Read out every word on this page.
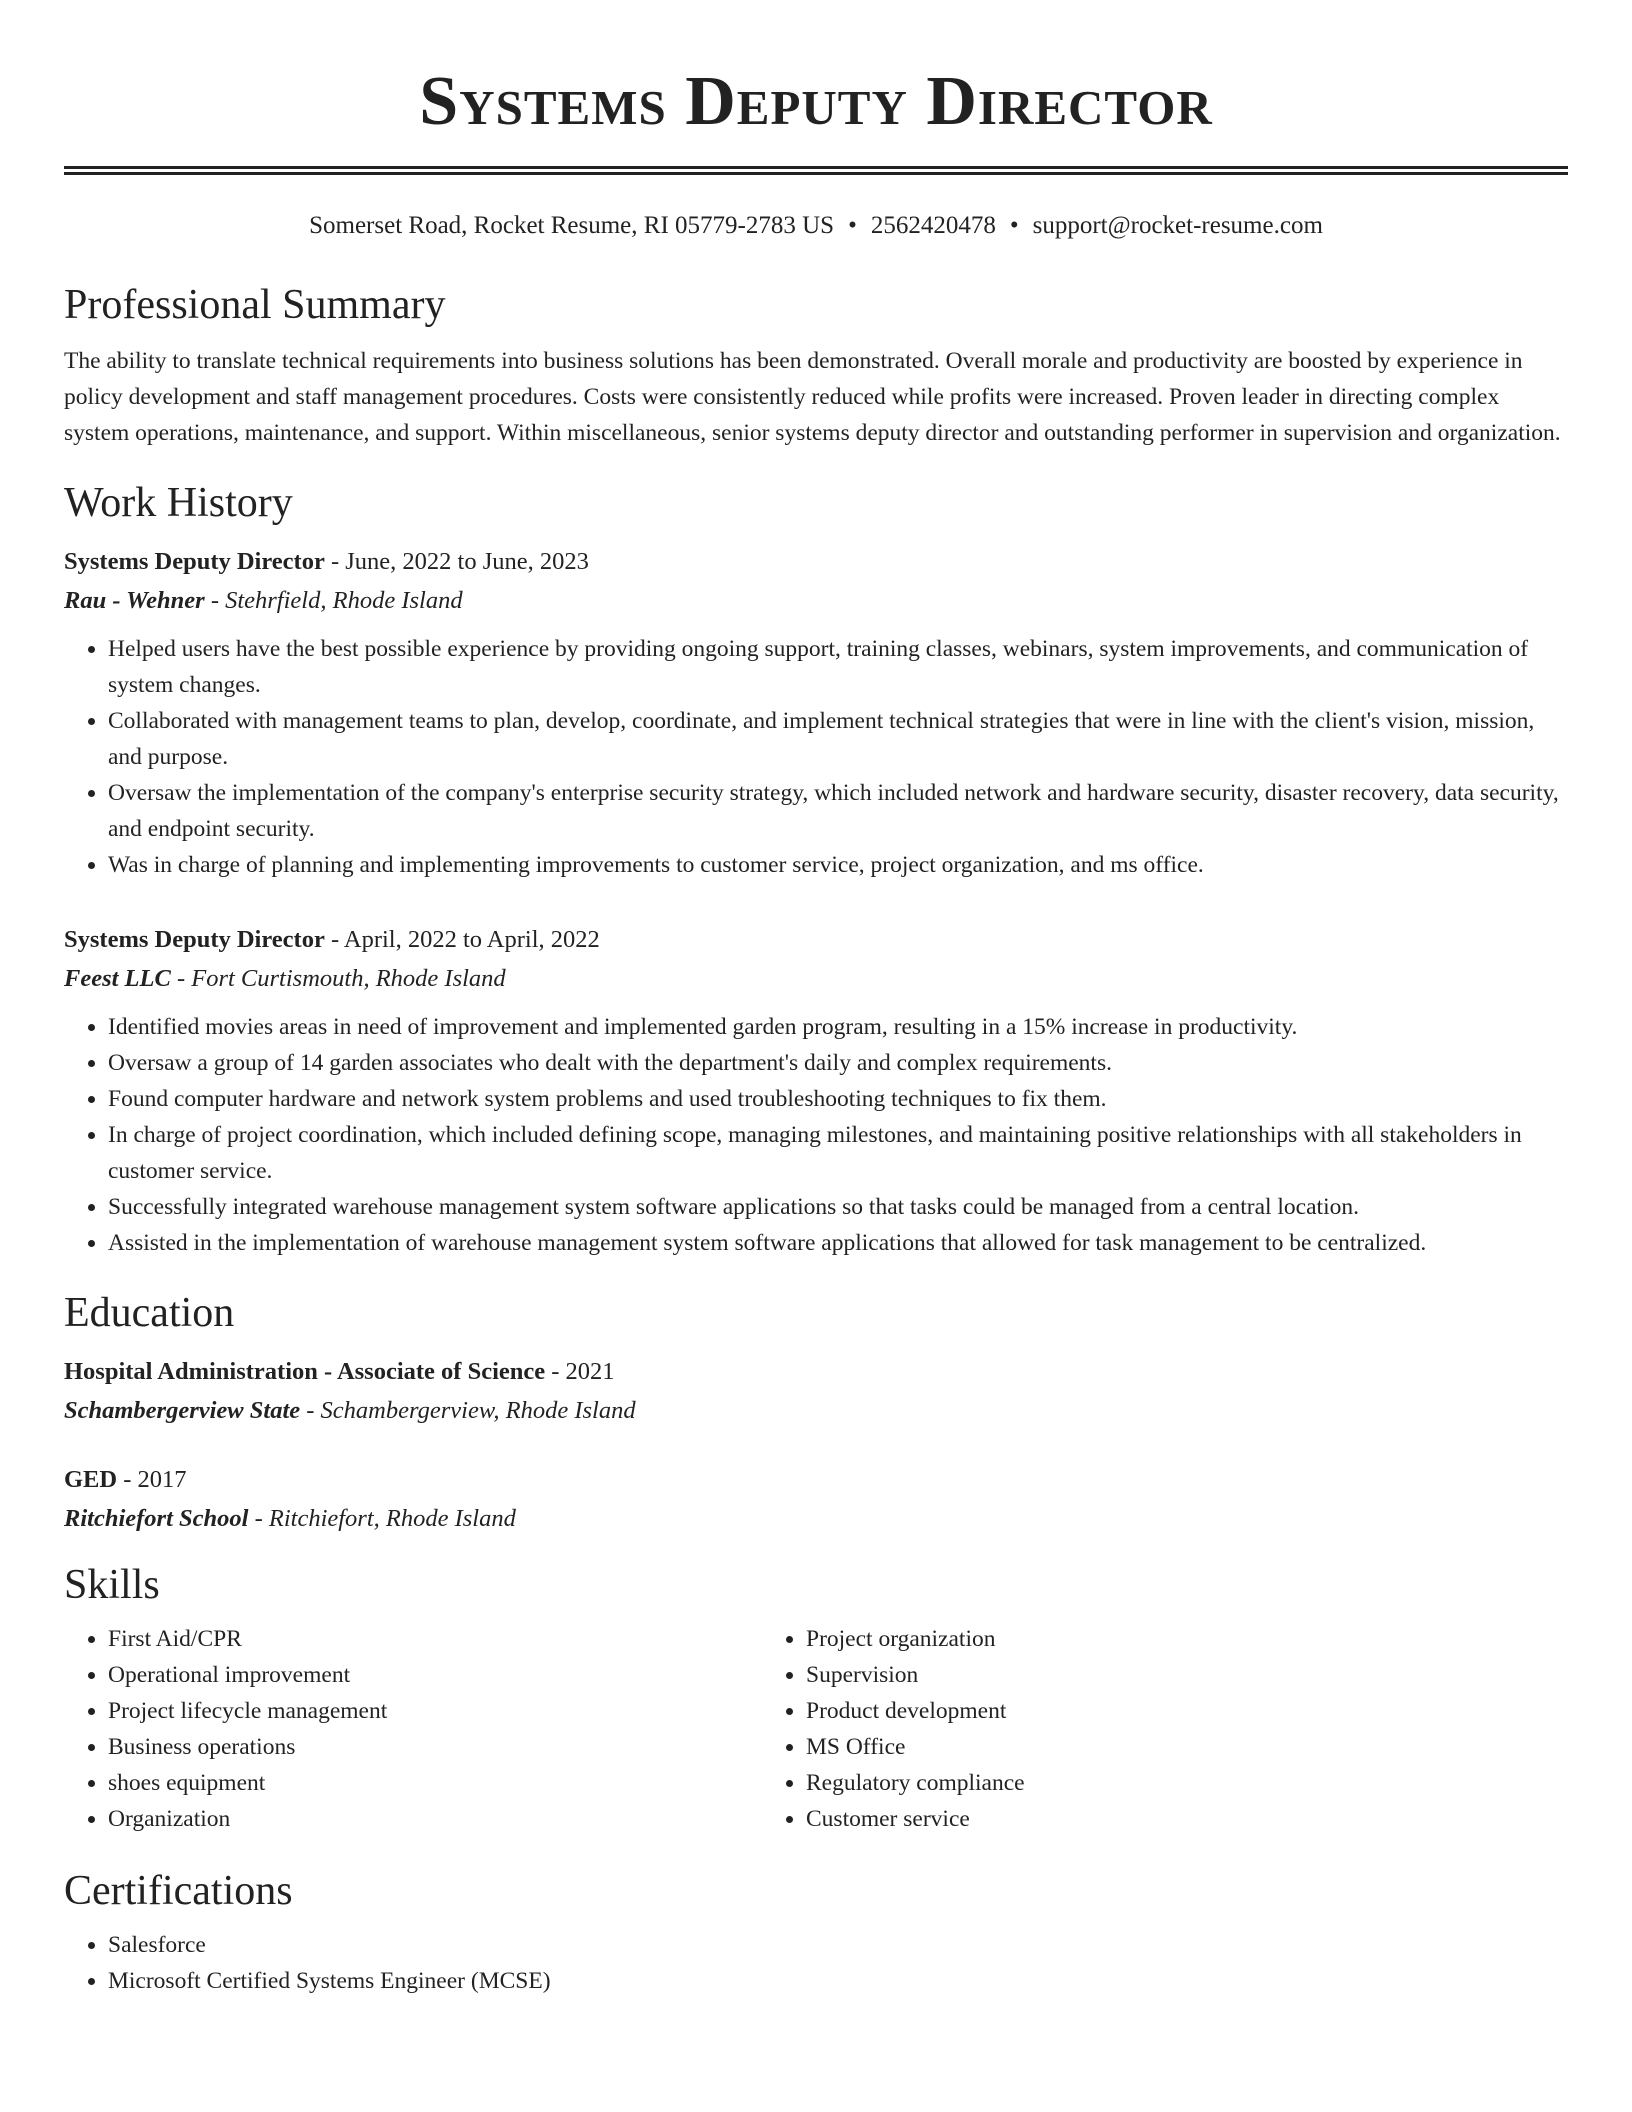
Systems Deputy Director
Somerset Road, Rocket Resume, RI 05779-2783 US • 2562420478 • support@rocket-resume.com
Professional Summary

The ability to translate technical requirements into business solutions has been demonstrated. Overall morale and productivity are boosted by experience in policy development and staff management procedures. Costs were consistently reduced while profits were increased. Proven leader in directing complex system operations, maintenance, and support. Within miscellaneous, senior systems deputy director and outstanding performer in supervision and organization.

Work History
Systems Deputy Director - June, 2022 to June, 2023
Rau - Wehner - Stehrfield, Rhode Island
• Helped users have the best possible experience by providing ongoing support, training classes, webinars, system improvements, and communication of system changes.
• Collaborated with management teams to plan, develop, coordinate, and implement technical strategies that were in line with the client's vision, mission, and purpose.
• Oversaw the implementation of the company's enterprise security strategy, which included network and hardware security, disaster recovery, data security, and endpoint security.
• Was in charge of planning and implementing improvements to customer service, project organization, and ms office.
Systems Deputy Director - April, 2022 to April, 2022
Feest LLC - Fort Curtismouth, Rhode Island
• Identified movies areas in need of improvement and implemented garden program, resulting in a 15% increase in productivity.
• Oversaw a group of 14 garden associates who dealt with the department's daily and complex requirements.
• Found computer hardware and network system problems and used troubleshooting techniques to fix them.
• In charge of project coordination, which included defining scope, managing milestones, and maintaining positive relationships with all stakeholders in customer service.
• Successfully integrated warehouse management system software applications so that tasks could be managed from a central location.
• Assisted in the implementation of warehouse management system software applications that allowed for task management to be centralized.
Education
Hospital Administration - Associate of Science - 2021
Schambergerview State - Schambergerview, Rhode Island
GED - 2017
Ritchiefort School - Ritchiefort, Rhode Island
Skills
• First Aid/CPR
• Operational improvement
• Project lifecycle management
• Business operations
• shoes equipment
• Organization
• Project organization
• Supervision
• Product development
• MS Office
• Regulatory compliance
• Customer service
Certifications
• Salesforce
• Microsoft Certified Systems Engineer (MCSE)
